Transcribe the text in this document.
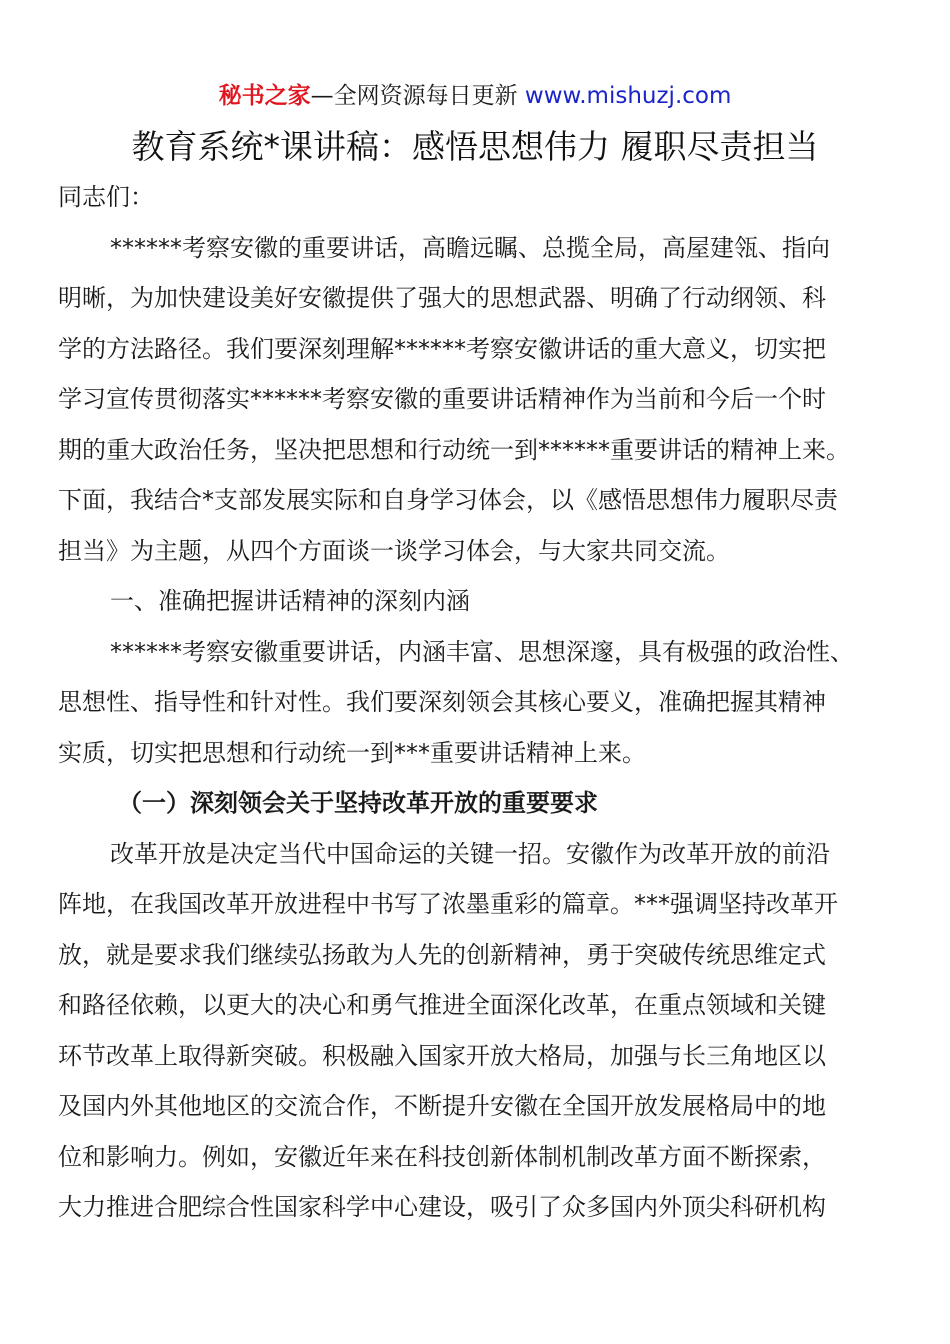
秘书之家—全网资源每日更新 www.mishuzj.com
教育系统*课讲稿：感悟思想伟力 履职尽责担当
同志们：
******考察安徽的重要讲话，高瞻远瞩、总揽全局，高屋建瓴、指向
明晰，为加快建设美好安徽提供了强大的思想武器、明确了行动纲领、科
学的方法路径。我们要深刻理解******考察安徽讲话的重大意义，切实把
学习宣传贯彻落实******考察安徽的重要讲话精神作为当前和今后一个时
期的重大政治任务，坚决把思想和行动统一到******重要讲话的精神上来。
下面，我结合*支部发展实际和自身学习体会，以《感悟思想伟力履职尽责
担当》为主题，从四个方面谈一谈学习体会，与大家共同交流。
一、准确把握讲话精神的深刻内涵
******考察安徽重要讲话，内涵丰富、思想深邃，具有极强的政治性、
思想性、指导性和针对性。我们要深刻领会其核心要义，准确把握其精神
实质，切实把思想和行动统一到***重要讲话精神上来。
（一）深刻领会关于坚持改革开放的重要要求
改革开放是决定当代中国命运的关键一招。安徽作为改革开放的前沿
阵地，在我国改革开放进程中书写了浓墨重彩的篇章。***强调坚持改革开
放，就是要求我们继续弘扬敢为人先的创新精神，勇于突破传统思维定式
和路径依赖，以更大的决心和勇气推进全面深化改革，在重点领域和关键
环节改革上取得新突破。积极融入国家开放大格局，加强与长三角地区以
及国内外其他地区的交流合作，不断提升安徽在全国开放发展格局中的地
位和影响力。例如，安徽近年来在科技创新体制机制改革方面不断探索，
大力推进合肥综合性国家科学中心建设，吸引了众多国内外顶尖科研机构
